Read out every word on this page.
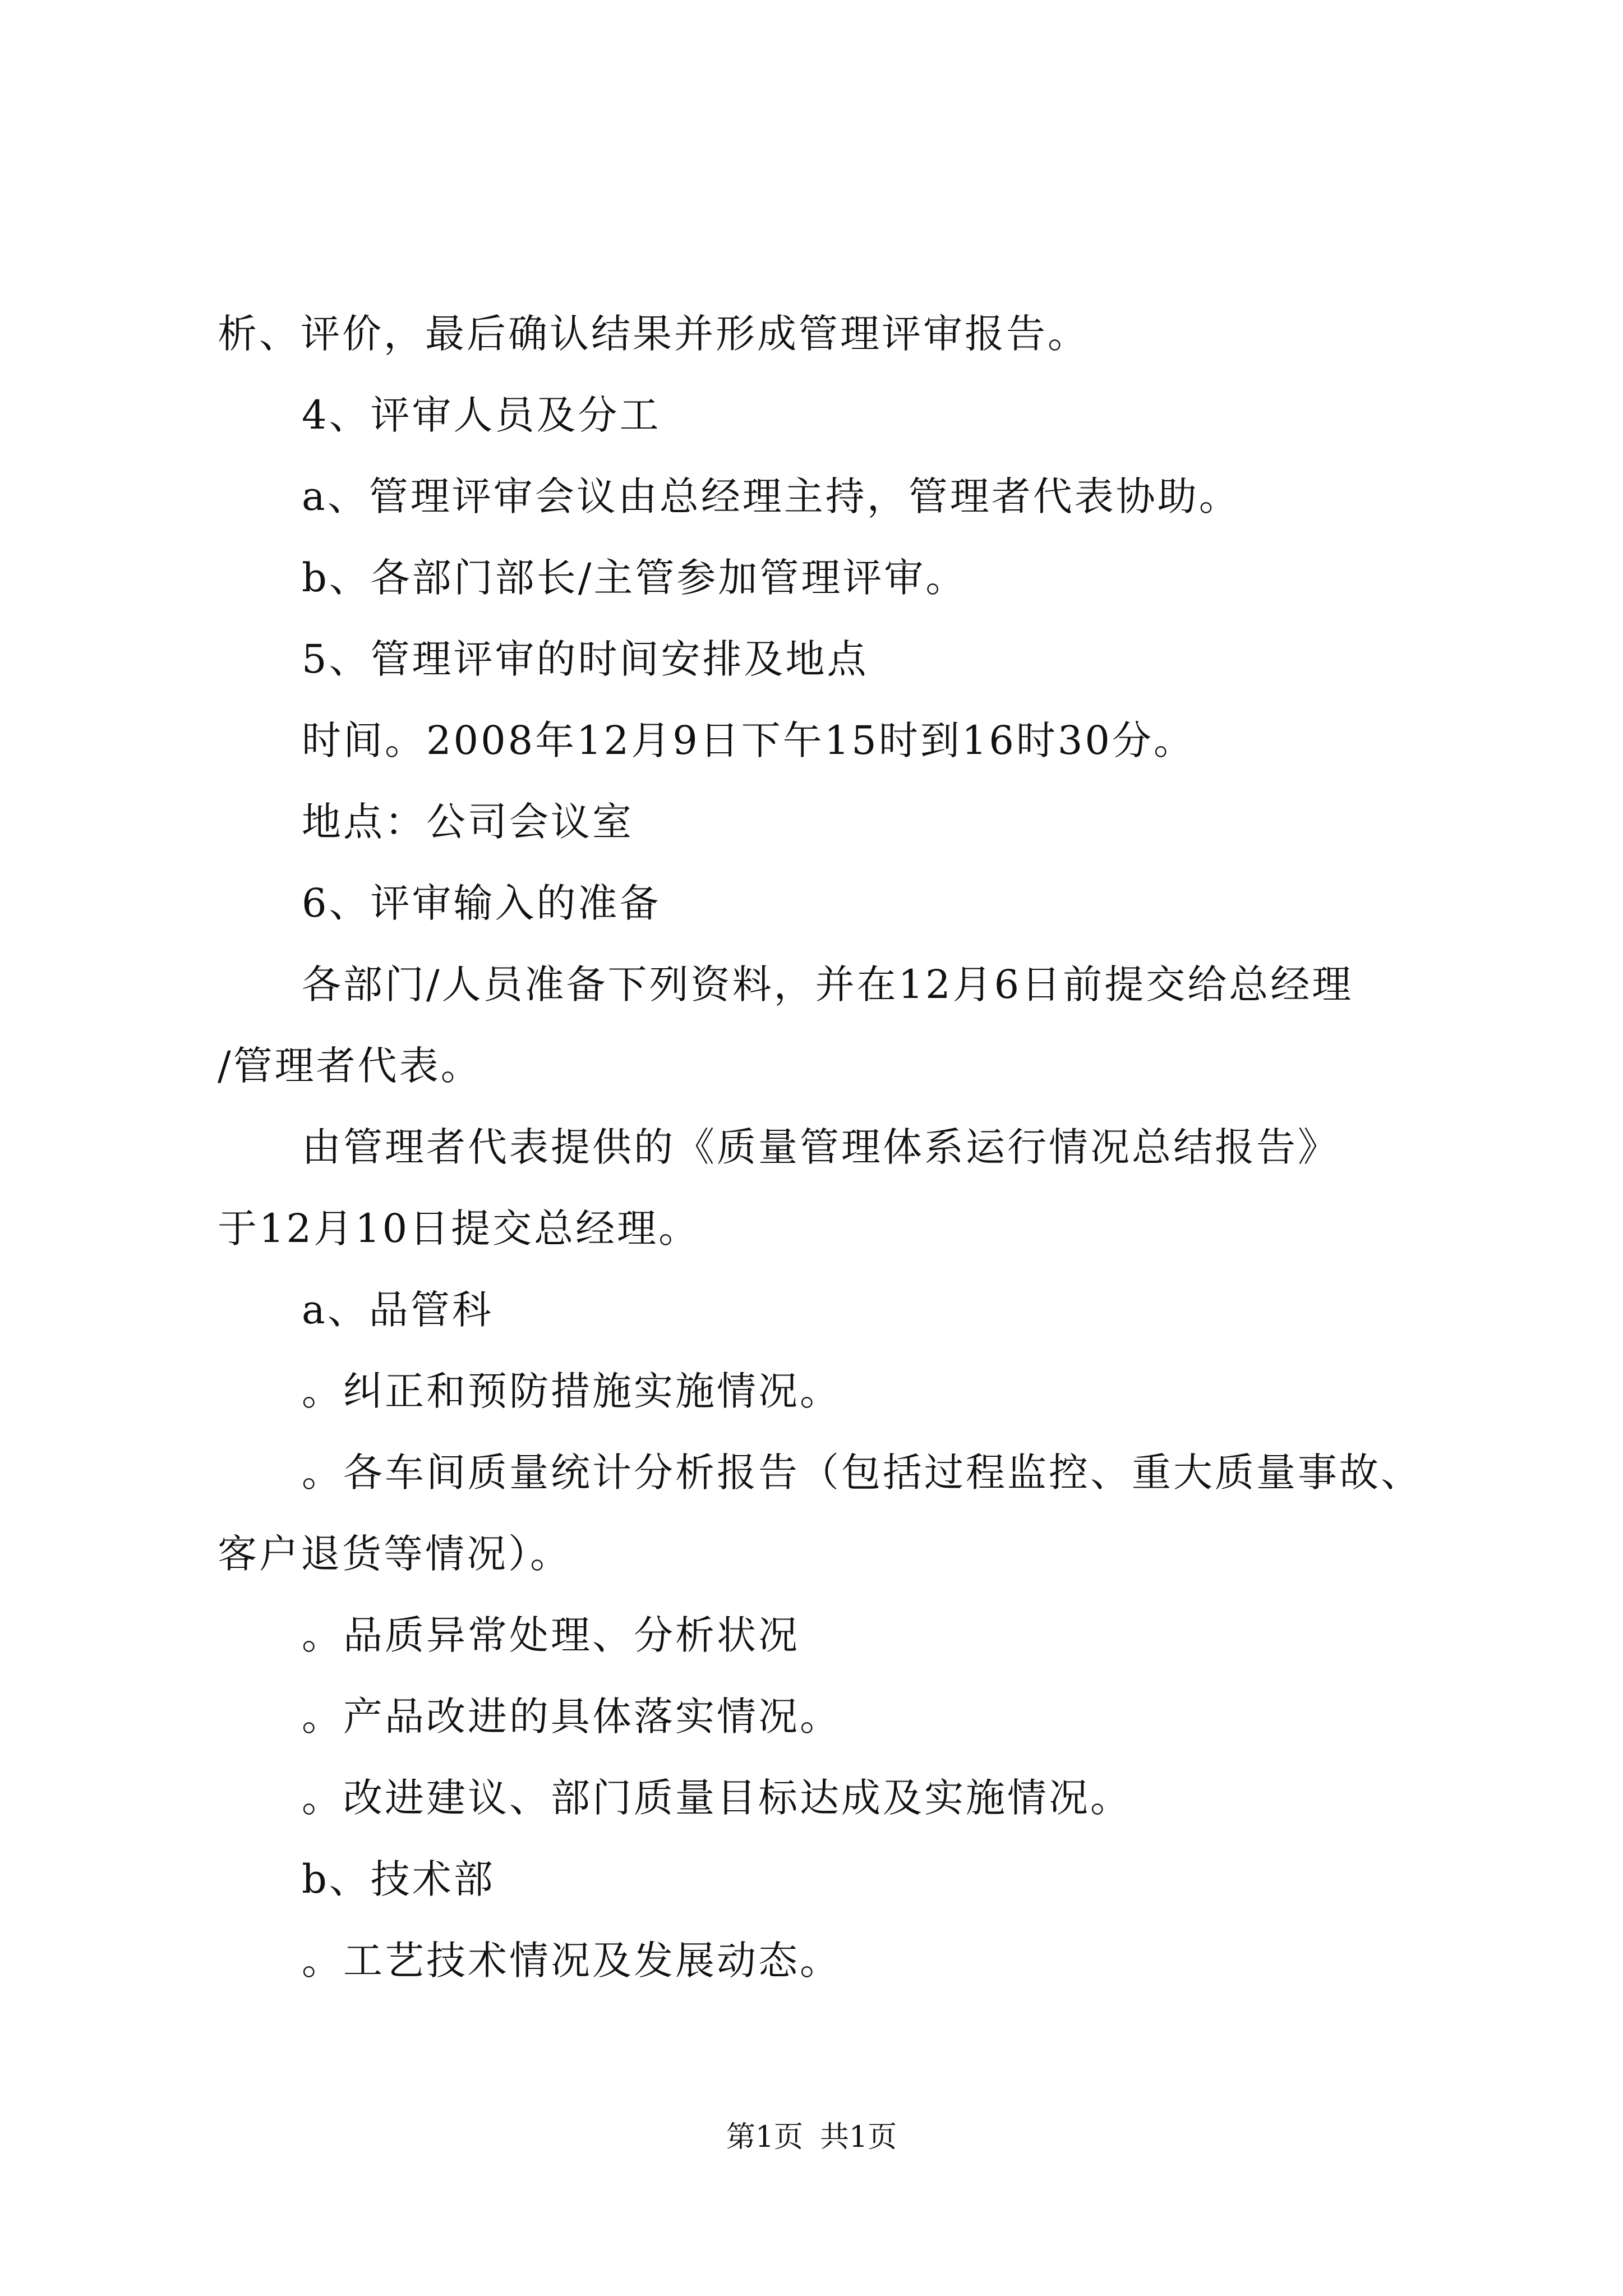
析、评价，最后确认结果并形成管理评审报告。
4、评审人员及分工
a、管理评审会议由总经理主持，管理者代表协助。
b、各部门部长/主管参加管理评审。
5、管理评审的时间安排及地点
时间。2008年12月9日下午15时到16时30分。
地点：公司会议室
6、评审输入的准备
各部门/人员准备下列资料，并在12月6日前提交给总经理
/管理者代表。
由管理者代表提供的《质量管理体系运行情况总结报告》
于12月10日提交总经理。
a、品管科
。纠正和预防措施实施情况。
。各车间质量统计分析报告（包括过程监控、重大质量事故、
客户退货等情况）。
。品质异常处理、分析状况
。产品改进的具体落实情况。
。改进建议、部门质量目标达成及实施情况。
b、技术部
。工艺技术情况及发展动态。
第1页 共1页
